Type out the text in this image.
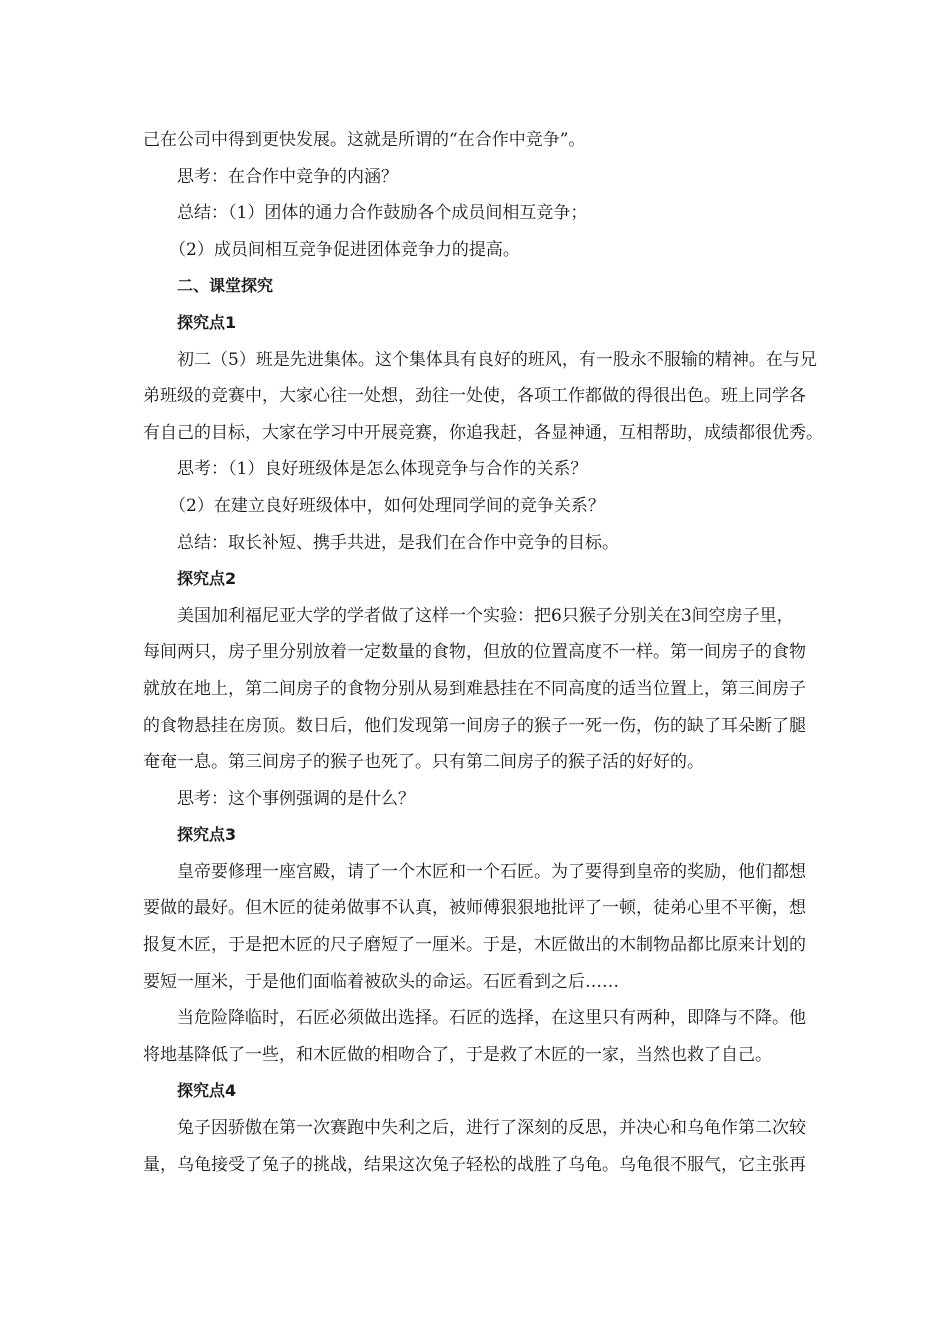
己在公司中得到更快发展。这就是所谓的“在合作中竞争”。

思考：在合作中竞争的内涵？

总结：（1）团体的通力合作鼓励各个成员间相互竞争；

（2）成员间相互竞争促进团体竞争力的提高。

二、课堂探究

探究点1

初二（5）班是先进集体。这个集体具有良好的班风，有一股永不服输的精神。在与兄

弟班级的竞赛中，大家心往一处想，劲往一处使，各项工作都做的得很出色。班上同学各

有自己的目标，大家在学习中开展竞赛，你追我赶，各显神通，互相帮助，成绩都很优秀。

思考：（1）良好班级体是怎么体现竞争与合作的关系？

（2）在建立良好班级体中，如何处理同学间的竞争关系？

总结：取长补短、携手共进，是我们在合作中竞争的目标。

探究点2

美国加利福尼亚大学的学者做了这样一个实验：把6只猴子分别关在3间空房子里，

每间两只，房子里分别放着一定数量的食物，但放的位置高度不一样。第一间房子的食物

就放在地上，第二间房子的食物分别从易到难悬挂在不同高度的适当位置上，第三间房子

的食物悬挂在房顶。数日后，他们发现第一间房子的猴子一死一伤，伤的缺了耳朵断了腿

奄奄一息。第三间房子的猴子也死了。只有第二间房子的猴子活的好好的。

思考：这个事例强调的是什么？

探究点3

皇帝要修理一座宫殿，请了一个木匠和一个石匠。为了要得到皇帝的奖励，他们都想

要做的最好。但木匠的徒弟做事不认真，被师傅狠狠地批评了一顿，徒弟心里不平衡，想

报复木匠，于是把木匠的尺子磨短了一厘米。于是，木匠做出的木制物品都比原来计划的

要短一厘米，于是他们面临着被砍头的命运。石匠看到之后……

当危险降临时，石匠必须做出选择。石匠的选择，在这里只有两种，即降与不降。他

将地基降低了一些，和木匠做的相吻合了，于是救了木匠的一家，当然也救了自己。

探究点4

兔子因骄傲在第一次赛跑中失利之后，进行了深刻的反思，并决心和乌龟作第二次较

量，乌龟接受了兔子的挑战，结果这次兔子轻松的战胜了乌龟。乌龟很不服气，它主张再
